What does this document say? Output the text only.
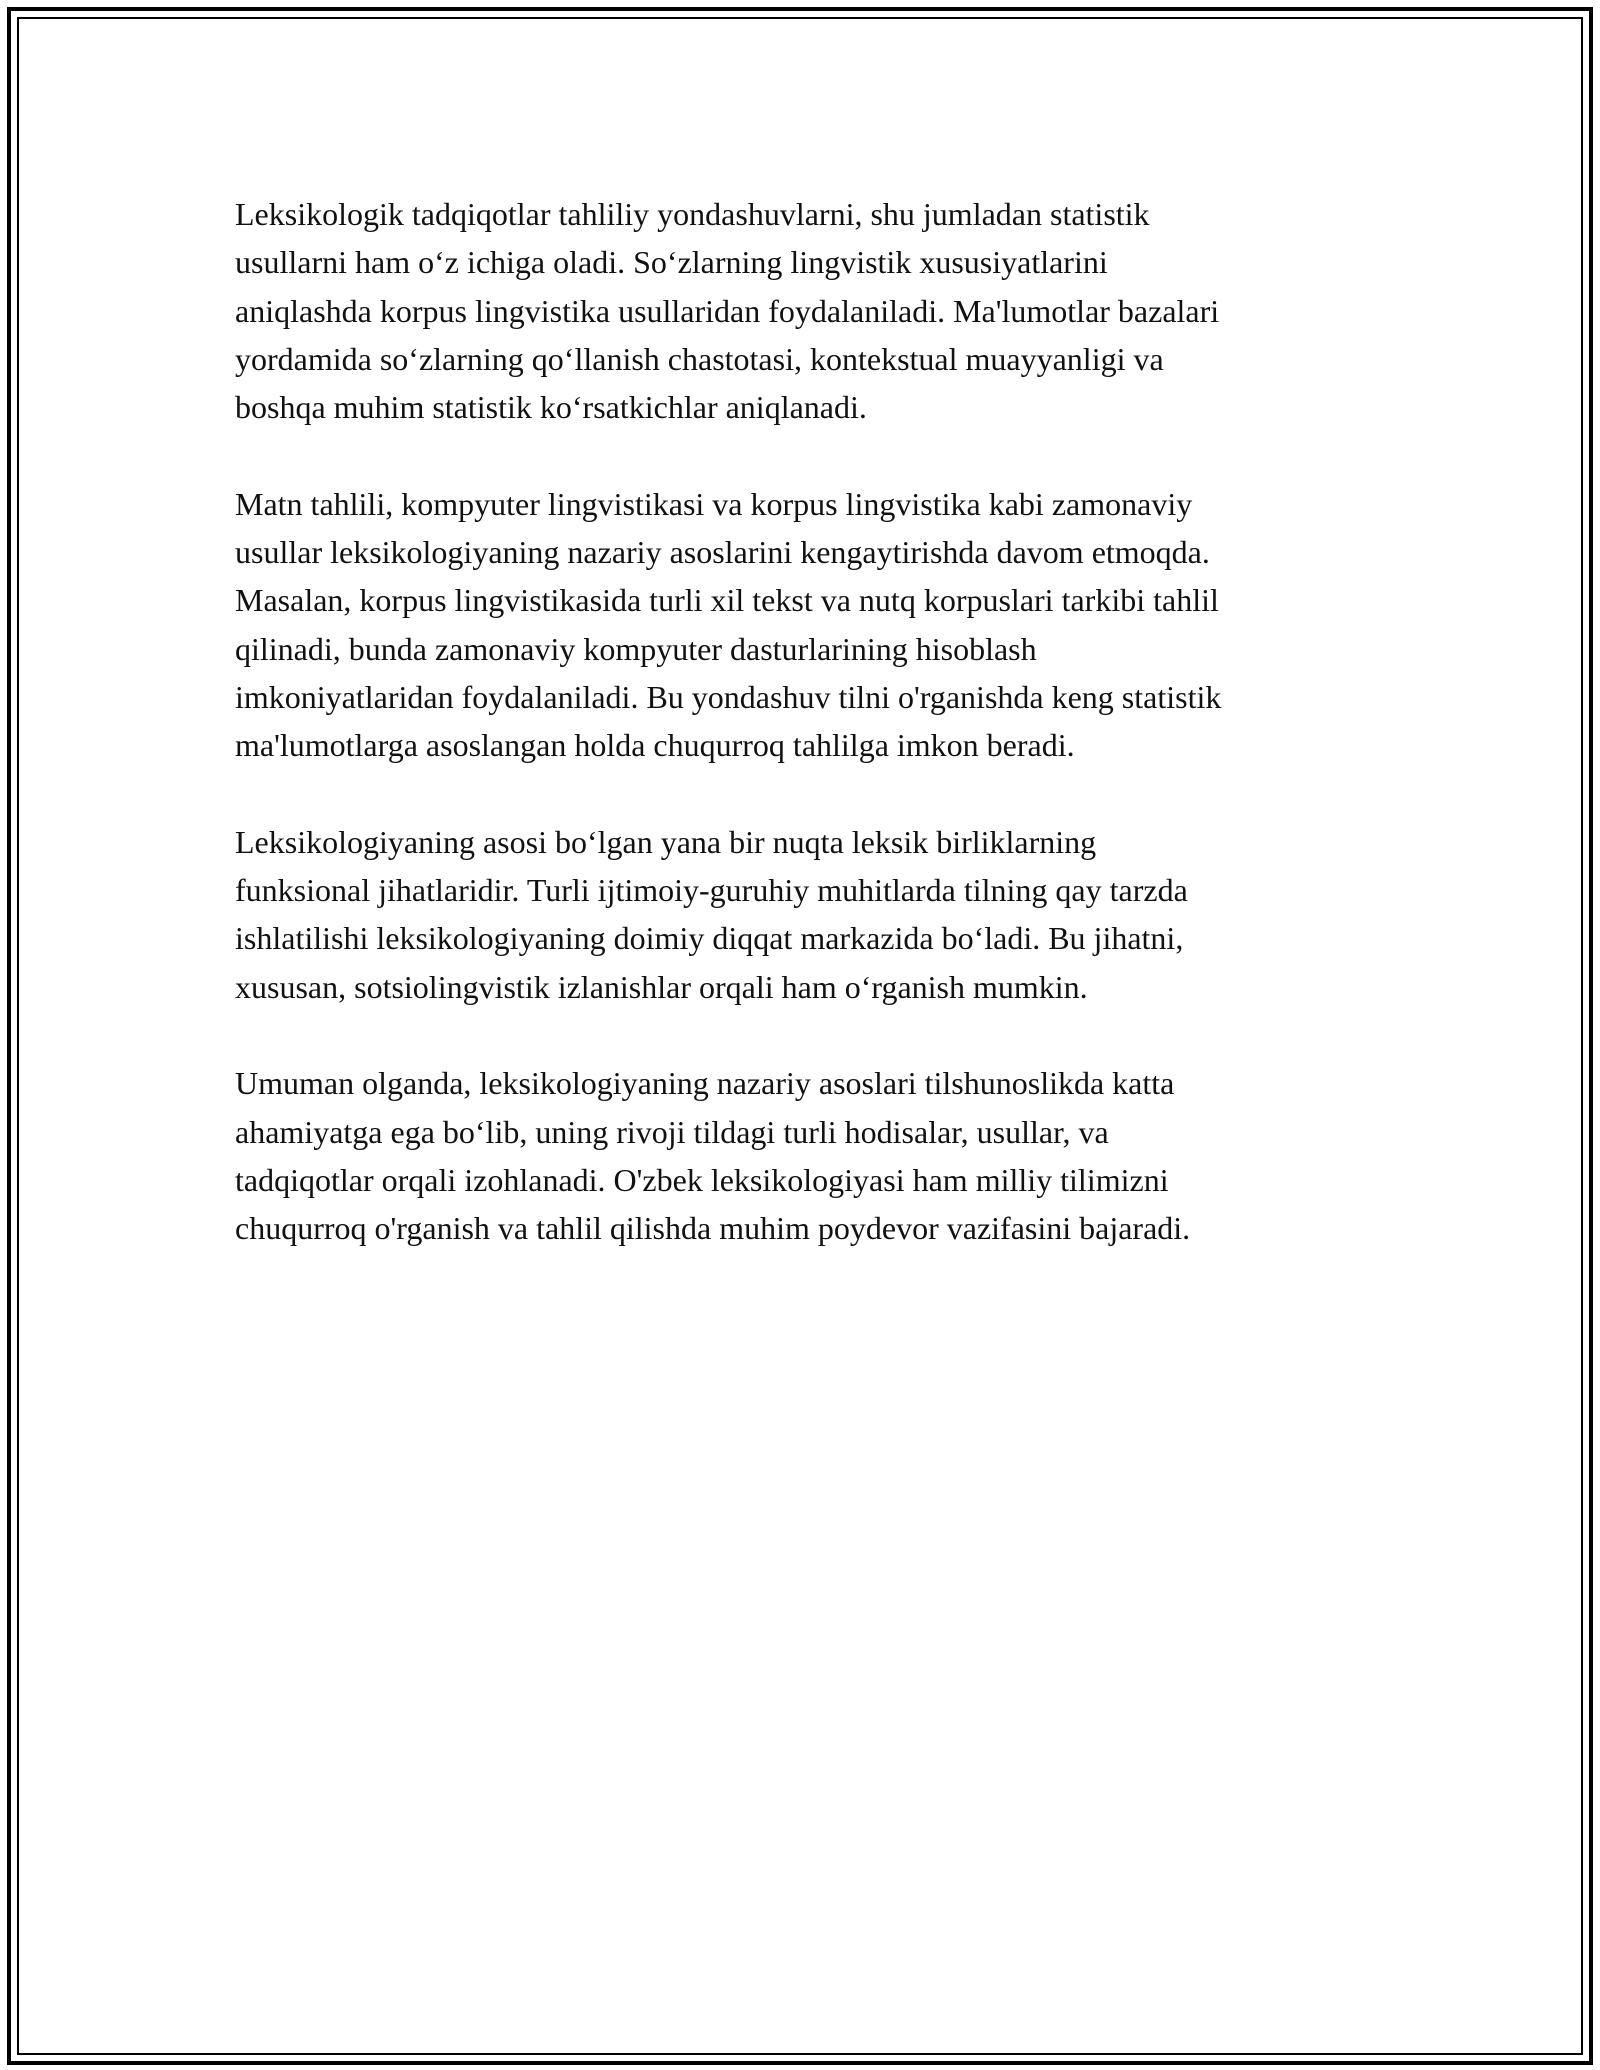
Leksikologik tadqiqotlar tahliliy yondashuvlarni, shu jumladan statistik
usullarni ham o‘z ichiga oladi. So‘zlarning lingvistik xususiyatlarini
aniqlashda korpus lingvistika usullaridan foydalaniladi. Ma'lumotlar bazalari
yordamida so‘zlarning qo‘llanish chastotasi, kontekstual muayyanligi va
boshqa muhim statistik ko‘rsatkichlar aniqlanadi.

Matn tahlili, kompyuter lingvistikasi va korpus lingvistika kabi zamonaviy
usullar leksikologiyaning nazariy asoslarini kengaytirishda davom etmoqda.
Masalan, korpus lingvistikasida turli xil tekst va nutq korpuslari tarkibi tahlil
qilinadi, bunda zamonaviy kompyuter dasturlarining hisoblash
imkoniyatlaridan foydalaniladi. Bu yondashuv tilni o'rganishda keng statistik
ma'lumotlarga asoslangan holda chuqurroq tahlilga imkon beradi.

Leksikologiyaning asosi bo‘lgan yana bir nuqta leksik birliklarning
funksional jihatlaridir. Turli ijtimoiy-guruhiy muhitlarda tilning qay tarzda
ishlatilishi leksikologiyaning doimiy diqqat markazida bo‘ladi. Bu jihatni,
xususan, sotsiolingvistik izlanishlar orqali ham o‘rganish mumkin.

Umuman olganda, leksikologiyaning nazariy asoslari tilshunoslikda katta
ahamiyatga ega bo‘lib, uning rivoji tildagi turli hodisalar, usullar, va
tadqiqotlar orqali izohlanadi. O'zbek leksikologiyasi ham milliy tilimizni
chuqurroq o'rganish va tahlil qilishda muhim poydevor vazifasini bajaradi.
